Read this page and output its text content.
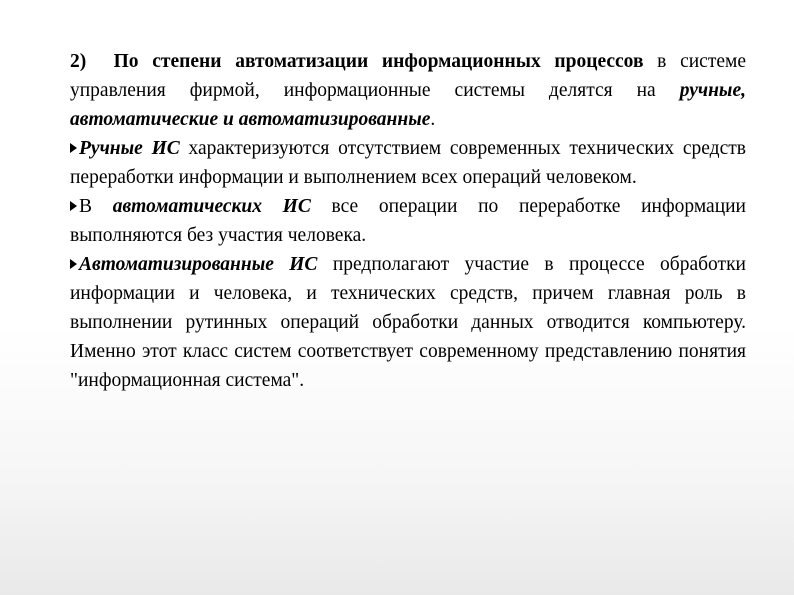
2) По степени автоматизации информационных процессов в системе управления фирмой, информационные системы делятся на ручные, автоматические и автоматизированные.
Ручные ИС характеризуются отсутствием современных технических средств переработки информации и выполнением всех операций человеком.
В автоматических ИС все операции по переработке информации выполняются без участия человека.
Автоматизированные ИС предполагают участие в процессе обработки информации и человека, и технических средств, причем главная роль в выполнении рутинных операций обработки данных отводится компьютеру. Именно этот класс систем соответствует современному представлению понятия "информационная система".
